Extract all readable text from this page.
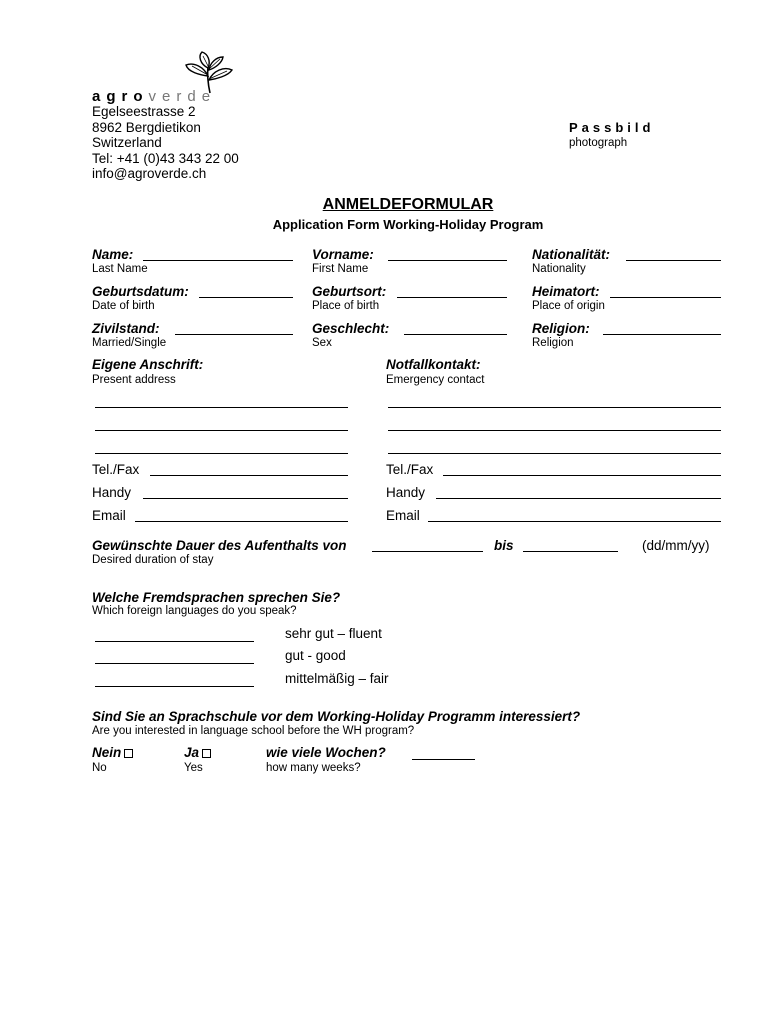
agroverde
Egelseestrasse 2
8962 Bergdietikon
Switzerland
Tel: +41 (0)43 343 22 00
info@agroverde.ch
Passbild
photograph
ANMELDEFORMULAR
Application Form Working-Holiday Program
Name:
Last Name
Vorname:
First Name
Nationalität:
Nationality
Geburtsdatum:
Date of birth
Geburtsort:
Place of birth
Heimatort:
Place of origin
Zivilstand:
Married/Single
Geschlecht:
Sex
Religion:
Religion
Eigene Anschrift:
Present address
Notfallkontakt:
Emergency contact
Tel./Fax
Handy
Email
Tel./Fax
Handy
Email
Gewünschte Dauer des Aufenthalts von	bis	(dd/mm/yy)
Desired duration of stay
Welche Fremdsprachen sprechen Sie?
Which foreign languages do you speak?
sehr gut – fluent
gut - good
mittelmäßig – fair
Sind Sie an Sprachschule vor dem Working-Holiday Programm interessiert?
Are you interested in language school before the WH program?
Nein
No
Ja
Yes
wie viele Wochen?
how many weeks?
